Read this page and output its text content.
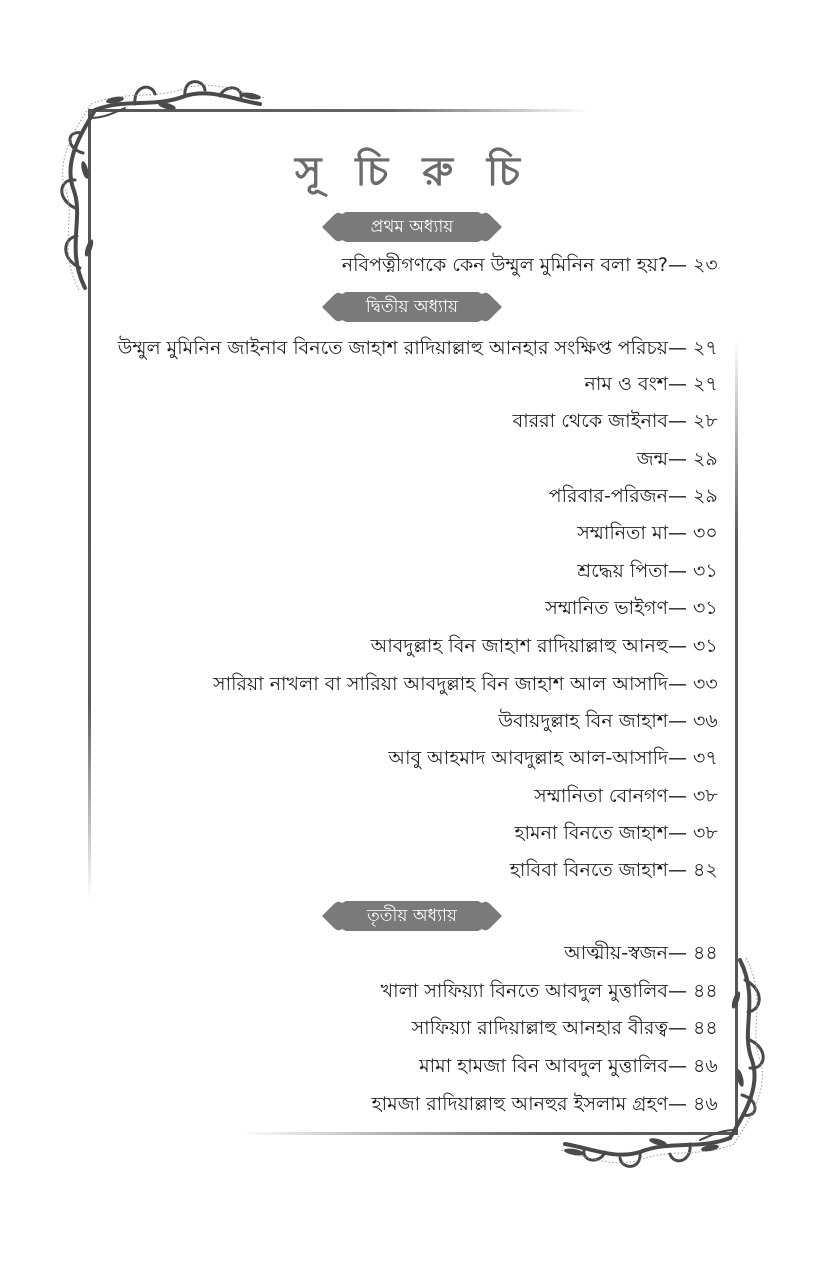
সূ চি রু চি
প্রথম অধ্যায়
নবিপত্নীগণকে কেন উম্মুল মুমিনিন বলা হয়?— ২৩
দ্বিতীয় অধ্যায়
উম্মুল মুমিনিন জাইনাব বিনতে জাহাশ রাদিয়াল্লাহু আনহার সংক্ষিপ্ত পরিচয়— ২৭
নাম ও বংশ— ২৭
বাররা থেকে জাইনাব— ২৮
জন্ম— ২৯
পরিবার-পরিজন— ২৯
সম্মানিতা মা— ৩০
শ্রদ্ধেয় পিতা— ৩১
সম্মানিত ভাইগণ— ৩১
আবদুল্লাহ বিন জাহাশ রাদিয়াল্লাহু আনহু— ৩১
সারিয়া নাখলা বা সারিয়া আবদুল্লাহ বিন জাহাশ আল আসাদি— ৩৩
উবায়দুল্লাহ বিন জাহাশ— ৩৬
আবু আহমাদ আবদুল্লাহ আল-আসাদি— ৩৭
সম্মানিতা বোনগণ— ৩৮
হামনা বিনতে জাহাশ— ৩৮
হাবিবা বিনতে জাহাশ— ৪২
তৃতীয় অধ্যায়
আত্মীয়-স্বজন— ৪৪
খালা সাফিয়্যা বিনতে আবদুল মুত্তালিব— ৪৪
সাফিয়্যা রাদিয়াল্লাহু আনহার বীরত্ব— ৪৪
মামা হামজা বিন আবদুল মুত্তালিব— ৪৬
হামজা রাদিয়াল্লাহু আনহুর ইসলাম গ্রহণ— ৪৬
